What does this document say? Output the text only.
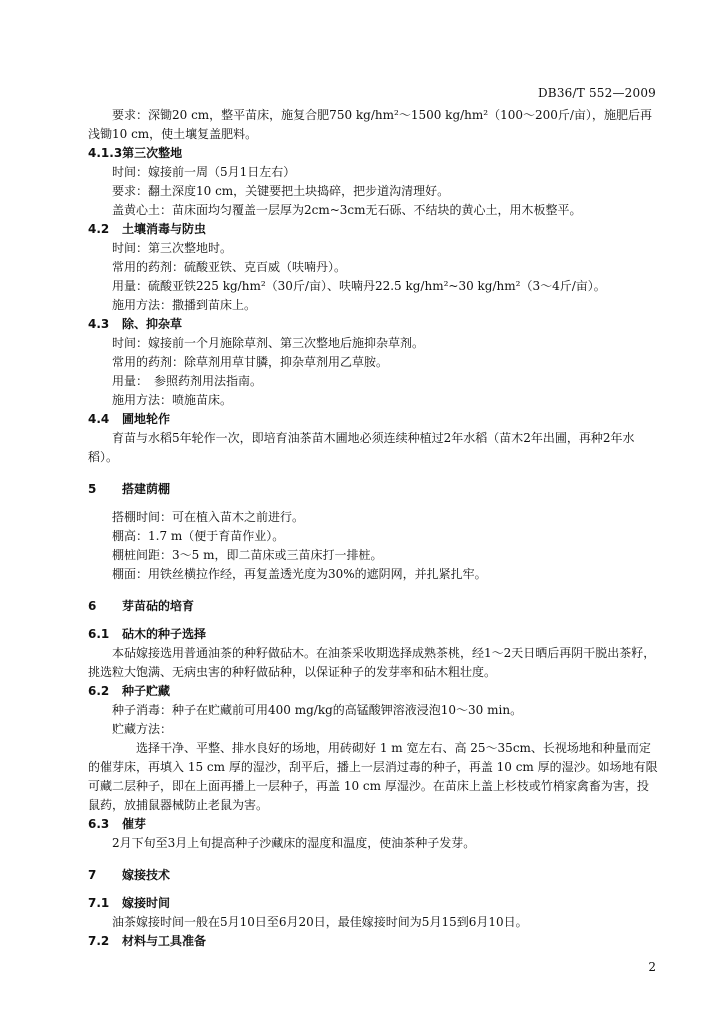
DB36/T 552—2009

要求：深锄20 cm，整平苗床，施复合肥750 kg/hm²～1500 kg/hm²（100～200斤/亩），施肥后再浅锄10 cm，使土壤复盖肥料。

4.1.3第三次整地

时间：嫁接前一周（5月1日左右）

要求：翻土深度10 cm，关键要把土块捣碎，把步道沟清理好。

盖黄心土：苗床面均匀覆盖一层厚为2cm~3cm无石砾、不结块的黄心土，用木板整平。

4.2 土壤消毒与防虫

时间：第三次整地时。

常用的药剂：硫酸亚铁、克百威（呋喃丹）。

用量：硫酸亚铁225 kg/hm²（30斤/亩）、呋喃丹22.5 kg/hm²~30 kg/hm²（3～4斤/亩）。

施用方法：撒播到苗床上。

4.3 除、抑杂草

时间：嫁接前一个月施除草剂、第三次整地后施抑杂草剂。

常用的药剂：除草剂用草甘膦，抑杂草剂用乙草胺。

用量：　参照药剂用法指南。

施用方法：喷施苗床。

4.4 圃地轮作

育苗与水稻5年轮作一次，即培育油茶苗木圃地必须连续种植过2年水稻（苗木2年出圃，再种2年水稻）。

5 搭建荫棚

搭棚时间：可在植入苗木之前进行。

棚高：1.7 m（便于育苗作业）。

棚桩间距：3～5 m，即二苗床或三苗床打一排桩。

棚面：用铁丝横拉作经，再复盖透光度为30%的遮阴网，并扎紧扎牢。

6 芽苗砧的培育
6.1 砧木的种子选择

本砧嫁接选用普通油茶的种籽做砧木。在油茶采收期选择成熟茶桃，经1～2天日晒后再阴干脱出茶籽，挑选粒大饱满、无病虫害的种籽做砧种，以保证种子的发芽率和砧木粗壮度。

6.2 种子贮藏

种子消毒：种子在贮藏前可用400 mg/kg的高锰酸钾溶液浸泡10～30 min。

贮藏方法：

选择干净、平整、排水良好的场地，用砖砌好 1 m 宽左右、高 25～35cm、长视场地和种量而定的催芽床，再填入 15 cm 厚的湿沙，刮平后，播上一层消过毒的种子，再盖 10 cm 厚的湿沙。如场地有限可藏二层种子，即在上面再播上一层种子，再盖 10 cm 厚湿沙。在苗床上盖上杉枝或竹梢家禽畜为害，投鼠药，放捕鼠器械防止老鼠为害。

6.3 催芽

2月下旬至3月上旬提高种子沙藏床的湿度和温度，使油茶种子发芽。

7 嫁接技术
7.1 嫁接时间

油茶嫁接时间一般在5月10日至6月20日，最佳嫁接时间为5月15到6月10日。

7.2 材料与工具准备
2
